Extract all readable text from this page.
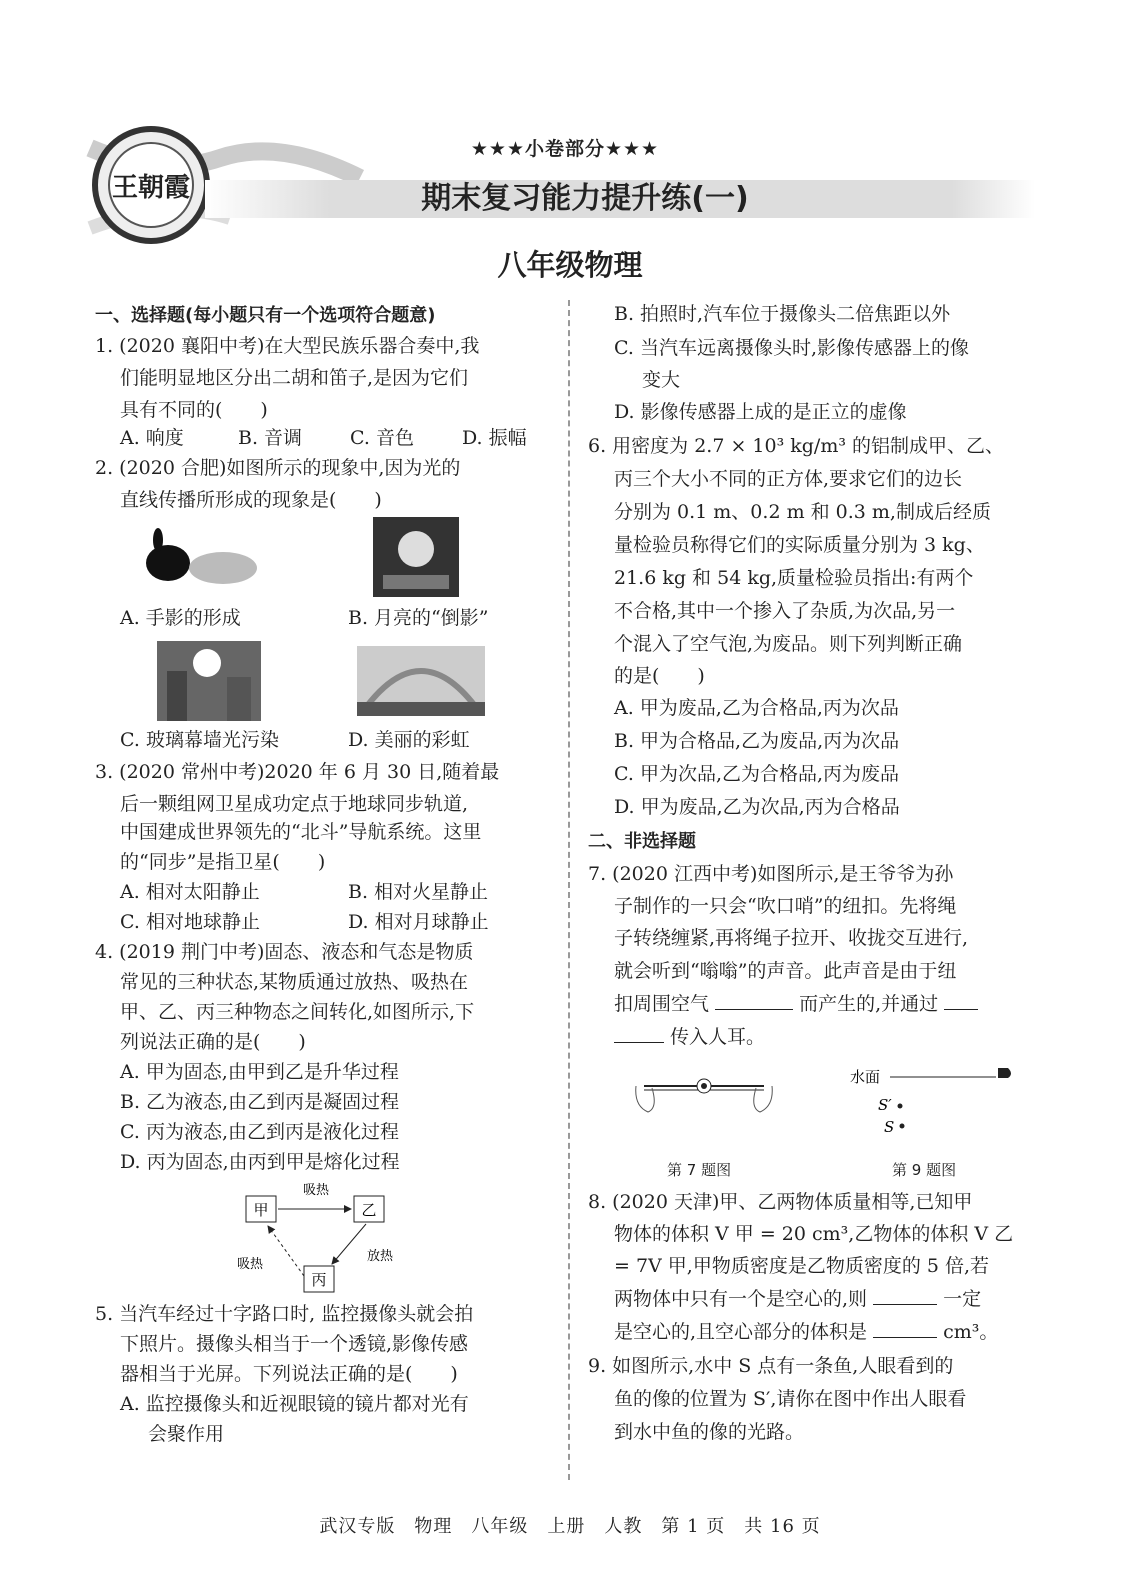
王朝霞
★★★小卷部分★★★
期末复习能力提升练(一)
八年级物理
一、选择题(每小题只有一个选项符合题意)
1. (2020 襄阳中考)在大型民族乐器合奏中,我
们能明显地区分出二胡和笛子,是因为它们
具有不同的(　　)
A. 响度	B. 音调	C. 音色	D. 振幅
2. (2020 合肥)如图所示的现象中,因为光的
直线传播所形成的现象是(　　)
A. 手影的形成	B. 月亮的“倒影”
C. 玻璃幕墙光污染	D. 美丽的彩虹
3. (2020 常州中考)2020 年 6 月 30 日,随着最
后一颗组网卫星成功定点于地球同步轨道,
中国建成世界领先的“北斗”导航系统。这里
的“同步”是指卫星(　　)
A. 相对太阳静止	B. 相对火星静止
C. 相对地球静止	D. 相对月球静止
4. (2019 荆门中考)固态、液态和气态是物质
常见的三种状态,某物质通过放热、吸热在
甲、乙、丙三种物态之间转化,如图所示,下
列说法正确的是(　　)
A. 甲为固态,由甲到乙是升华过程
B. 乙为液态,由乙到丙是凝固过程
C. 丙为液态,由乙到丙是液化过程
D. 丙为固态,由丙到甲是熔化过程
甲	乙
丙
吸热
吸热
放热
5. 当汽车经过十字路口时, 监控摄像头就会拍
下照片。摄像头相当于一个透镜,影像传感
器相当于光屏。下列说法正确的是(　　)
A. 监控摄像头和近视眼镜的镜片都对光有
会聚作用
B. 拍照时,汽车位于摄像头二倍焦距以外
C. 当汽车远离摄像头时,影像传感器上的像
变大
D. 影像传感器上成的是正立的虚像
6. 用密度为 2.7 × 10³ kg/m³ 的铝制成甲、乙、
丙三个大小不同的正方体,要求它们的边长
分别为 0.1 m、0.2 m 和 0.3 m,制成后经质
量检验员称得它们的实际质量分别为 3 kg、
21.6 kg 和 54 kg,质量检验员指出:有两个
不合格,其中一个掺入了杂质,为次品,另一
个混入了空气泡,为废品。则下列判断正确
的是(　　)
A. 甲为废品,乙为合格品,丙为次品
B. 甲为合格品,乙为废品,丙为次品
C. 甲为次品,乙为合格品,丙为废品
D. 甲为废品,乙为次品,丙为合格品
二、非选择题
7. (2020 江西中考)如图所示,是王爷爷为孙
子制作的一只会“吹口哨”的纽扣。先将绳
子转绕缠紧,再将绳子拉开、收拢交互进行,
就会听到“嗡嗡”的声音。此声音是由于纽
扣周围空气	而产生的,并通过
传入人耳。
第 7 题图
水面
S′
S
第 9 题图
8. (2020 天津)甲、乙两物体质量相等,已知甲
物体的体积 V 甲 = 20 cm³,乙物体的体积 V 乙
= 7V 甲,甲物质密度是乙物质密度的 5 倍,若
两物体中只有一个是空心的,则	一定
是空心的,且空心部分的体积是	cm³。
9. 如图所示,水中 S 点有一条鱼,人眼看到的
鱼的像的位置为 S′,请你在图中作出人眼看
到水中鱼的像的光路。
武汉专版　物理　八年级　上册　人教　第 1 页　共 16 页
